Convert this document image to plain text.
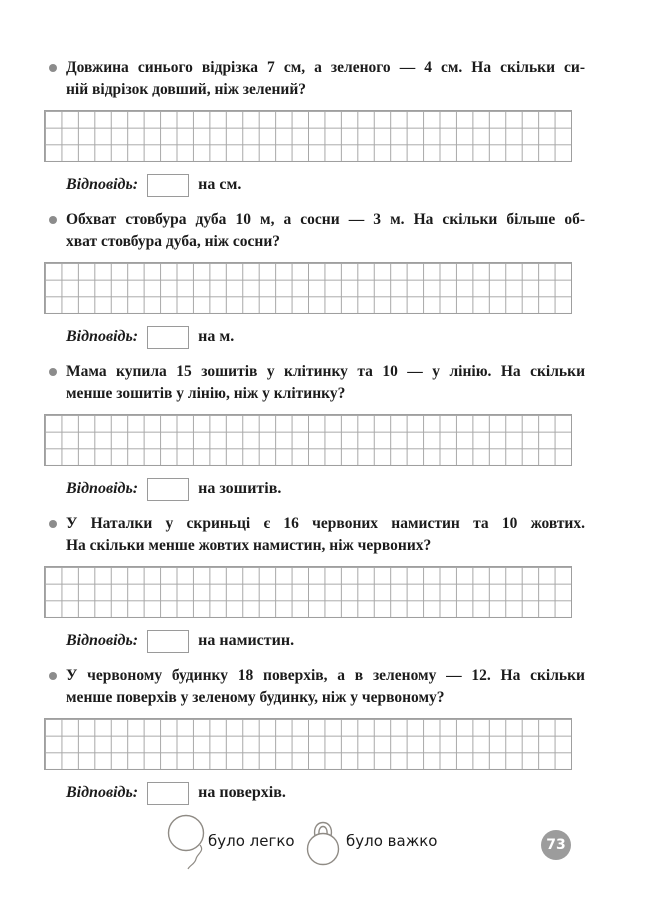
Довжина синього відрізка 7 см, а зеленого — 4 см. На скільки си-
ній відрізок довший, ніж зелений?
Відповідь:	на см.
Обхват стовбура дуба 10 м, а сосни — 3 м. На скільки більше об-
хват стовбура дуба, ніж сосни?
Відповідь:	на м.
Мама купила 15 зошитів у клітинку та 10 — у лінію. На скільки
менше зошитів у лінію, ніж у клітинку?
Відповідь:	на зошитів.
У Наталки у скриньці є 16 червоних намистин та 10 жовтих.
На скільки менше жовтих намистин, ніж червоних?
Відповідь:	на намистин.
У червоному будинку 18 поверхів, а в зеленому — 12. На скільки
менше поверхів у зеленому будинку, ніж у червоному?
Відповідь:	на поверхів.
було легко	було важко	73
